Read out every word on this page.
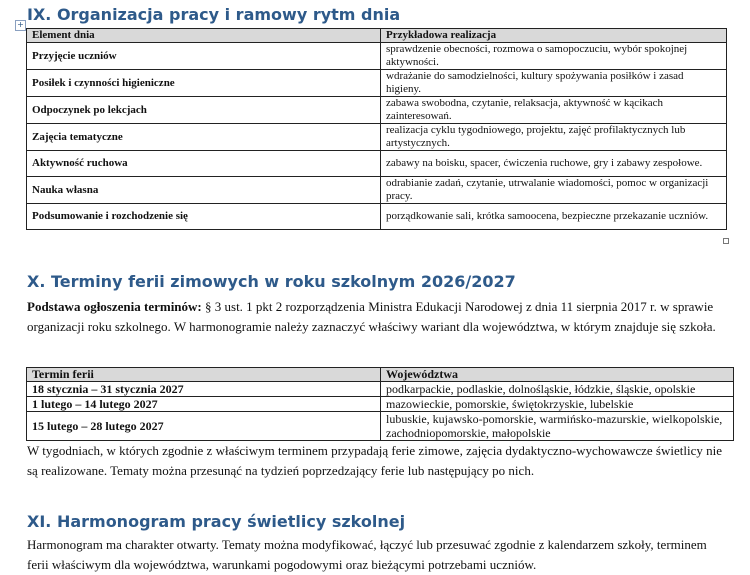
IX. Organizacja pracy i ramowy rytm dnia
+
Element dnia	Przykładowa realizacja
Przyjęcie uczniów	sprawdzenie obecności, rozmowa o samopoczuciu, wybór spokojnej aktywności.
Posiłek i czynności higieniczne	wdrażanie do samodzielności, kultury spożywania posiłków i zasad higieny.
Odpoczynek po lekcjach	zabawa swobodna, czytanie, relaksacja, aktywność w kącikach zainteresowań.
Zajęcia tematyczne	realizacja cyklu tygodniowego, projektu, zajęć profilaktycznych lub artystycznych.
Aktywność ruchowa	zabawy na boisku, spacer, ćwiczenia ruchowe, gry i zabawy zespołowe.
Nauka własna	odrabianie zadań, czytanie, utrwalanie wiadomości, pomoc w organizacji pracy.
Podsumowanie i rozchodzenie się	porządkowanie sali, krótka samoocena, bezpieczne przekazanie uczniów.
X. Terminy ferii zimowych w roku szkolnym 2026/2027

Podstawa ogłoszenia terminów: § 3 ust. 1 pkt 2 rozporządzenia Ministra Edukacji Narodowej z dnia 11 sierpnia 2017 r. w sprawie organizacji roku szkolnego. W harmonogramie należy zaznaczyć właściwy wariant dla województwa, w którym znajduje się szkoła.

Termin ferii	Województwa
18 stycznia – 31 stycznia 2027	podkarpackie, podlaskie, dolnośląskie, łódzkie, śląskie, opolskie
1 lutego – 14 lutego 2027	mazowieckie, pomorskie, świętokrzyskie, lubelskie
15 lutego – 28 lutego 2027	lubuskie, kujawsko-pomorskie, warmińsko-mazurskie, wielkopolskie, zachodniopomorskie, małopolskie

W tygodniach, w których zgodnie z właściwym terminem przypadają ferie zimowe, zajęcia dydaktyczno-wychowawcze świetlicy nie są realizowane. Tematy można przesunąć na tydzień poprzedzający ferie lub następujący po nich.

XI. Harmonogram pracy świetlicy szkolnej

Harmonogram ma charakter otwarty. Tematy można modyfikować, łączyć lub przesuwać zgodnie z kalendarzem szkoły, terminem ferii właściwym dla województwa, warunkami pogodowymi oraz bieżącymi potrzebami uczniów.
